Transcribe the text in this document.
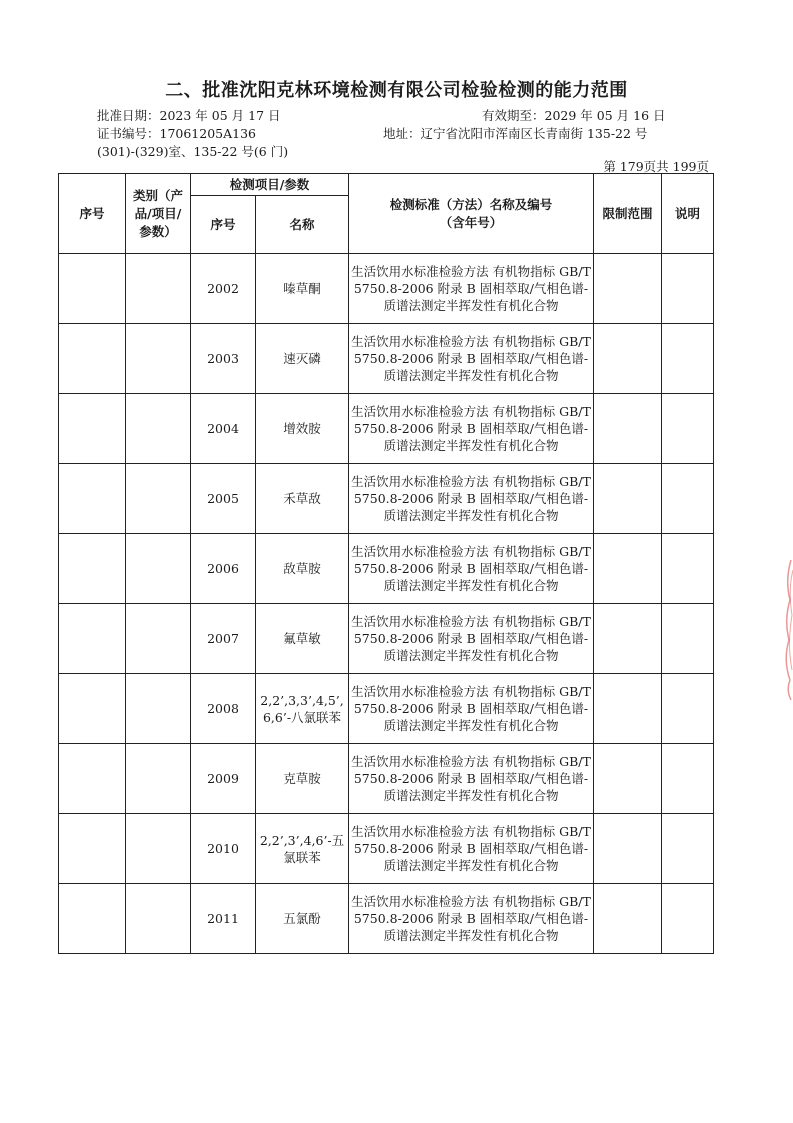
二、批准沈阳克林环境检测有限公司检验检测的能力范围
批准日期：2023 年 05 月 17 日	有效期至：2029 年 05 月 16 日
证书编号：17061205A136	地址：辽宁省沈阳市浑南区长青南街 135-22 号
(301)-(329)室、135-22 号(6 门)
第 179页共 199页
序号	类别（产品/项目/参数）	检测项目/参数		检测标准（方法）名称及编号（含年号）	限制范围	说明
		序号	名称			
		2002	嗪草酮	生活饮用水标准检验方法 有机物指标 GB/T 5750.8-2006 附录 B 固相萃取/气相色谱-质谱法测定半挥发性有机化合物		
		2003	速灭磷	生活饮用水标准检验方法 有机物指标 GB/T 5750.8-2006 附录 B 固相萃取/气相色谱-质谱法测定半挥发性有机化合物		
		2004	增效胺	生活饮用水标准检验方法 有机物指标 GB/T 5750.8-2006 附录 B 固相萃取/气相色谱-质谱法测定半挥发性有机化合物		
		2005	禾草敌	生活饮用水标准检验方法 有机物指标 GB/T 5750.8-2006 附录 B 固相萃取/气相色谱-质谱法测定半挥发性有机化合物		
		2006	敌草胺	生活饮用水标准检验方法 有机物指标 GB/T 5750.8-2006 附录 B 固相萃取/气相色谱-质谱法测定半挥发性有机化合物		
		2007	氟草敏	生活饮用水标准检验方法 有机物指标 GB/T 5750.8-2006 附录 B 固相萃取/气相色谱-质谱法测定半挥发性有机化合物		
		2008	2,2’,3,3’,4,5’,6,6’-八氯联苯	生活饮用水标准检验方法 有机物指标 GB/T 5750.8-2006 附录 B 固相萃取/气相色谱-质谱法测定半挥发性有机化合物		
		2009	克草胺	生活饮用水标准检验方法 有机物指标 GB/T 5750.8-2006 附录 B 固相萃取/气相色谱-质谱法测定半挥发性有机化合物		
		2010	2,2’,3’,4,6’-五氯联苯	生活饮用水标准检验方法 有机物指标 GB/T 5750.8-2006 附录 B 固相萃取/气相色谱-质谱法测定半挥发性有机化合物		
		2011	五氯酚	生活饮用水标准检验方法 有机物指标 GB/T 5750.8-2006 附录 B 固相萃取/气相色谱-质谱法测定半挥发性有机化合物		
